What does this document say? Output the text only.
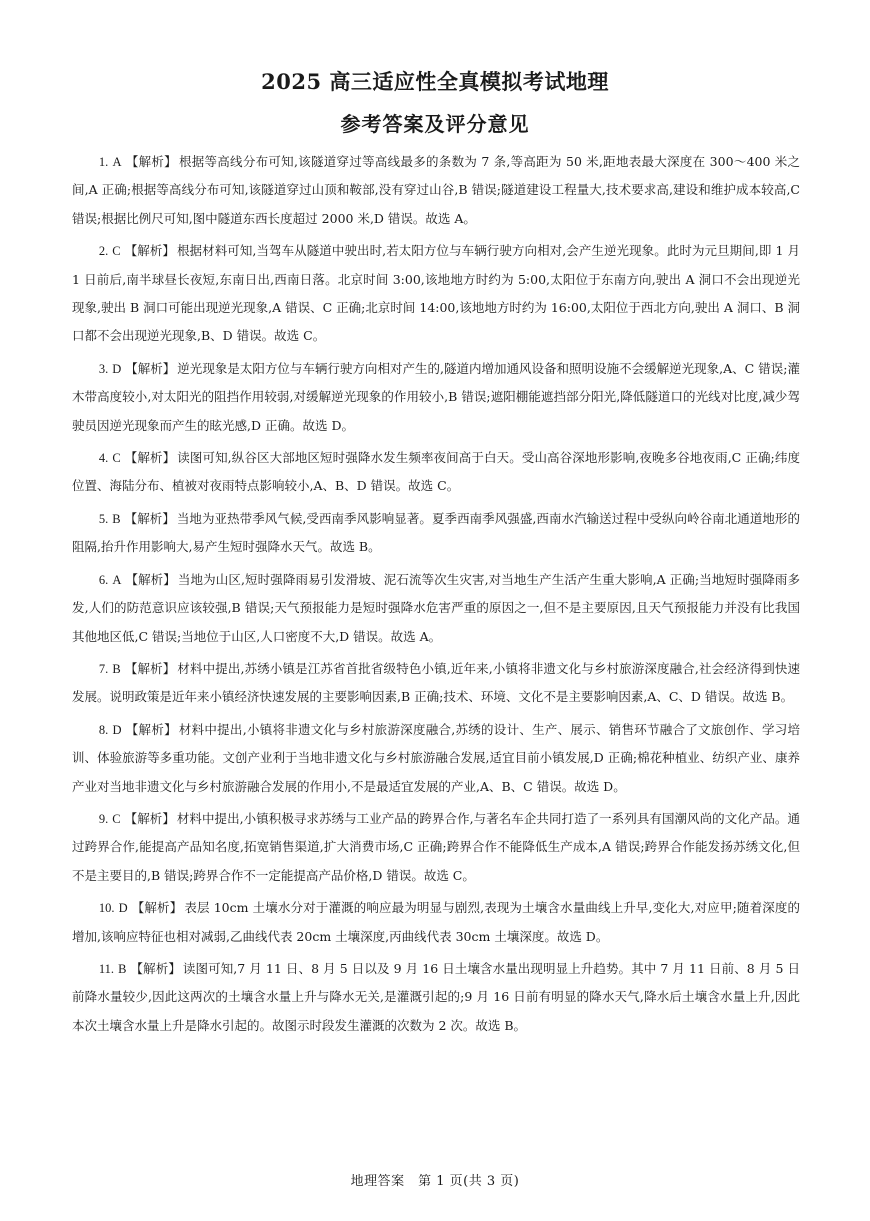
2025 高三适应性全真模拟考试地理
参考答案及评分意见

1. A 【解析】 根据等高线分布可知,该隧道穿过等高线最多的条数为 7 条,等高距为 50 米,距地表最大深度在 300～400 米之间,A 正确;根据等高线分布可知,该隧道穿过山顶和鞍部,没有穿过山谷,B 错误;隧道建设工程量大,技术要求高,建设和维护成本较高,C 错误;根据比例尺可知,图中隧道东西长度超过 2000 米,D 错误。故选 A。

2. C 【解析】 根据材料可知,当驾车从隧道中驶出时,若太阳方位与车辆行驶方向相对,会产生逆光现象。此时为元旦期间,即 1 月 1 日前后,南半球昼长夜短,东南日出,西南日落。北京时间 3:00,该地地方时约为 5:00,太阳位于东南方向,驶出 A 洞口不会出现逆光现象,驶出 B 洞口可能出现逆光现象,A 错误、C 正确;北京时间 14:00,该地地方时约为 16:00,太阳位于西北方向,驶出 A 洞口、B 洞口都不会出现逆光现象,B、D 错误。故选 C。

3. D 【解析】 逆光现象是太阳方位与车辆行驶方向相对产生的,隧道内增加通风设备和照明设施不会缓解逆光现象,A、C 错误;灌木带高度较小,对太阳光的阻挡作用较弱,对缓解逆光现象的作用较小,B 错误;遮阳棚能遮挡部分阳光,降低隧道口的光线对比度,减少驾驶员因逆光现象而产生的眩光感,D 正确。故选 D。

4. C 【解析】 读图可知,纵谷区大部地区短时强降水发生频率夜间高于白天。受山高谷深地形影响,夜晚多谷地夜雨,C 正确;纬度位置、海陆分布、植被对夜雨特点影响较小,A、B、D 错误。故选 C。

5. B 【解析】 当地为亚热带季风气候,受西南季风影响显著。夏季西南季风强盛,西南水汽输送过程中受纵向岭谷南北通道地形的阻隔,抬升作用影响大,易产生短时强降水天气。故选 B。

6. A 【解析】 当地为山区,短时强降雨易引发滑坡、泥石流等次生灾害,对当地生产生活产生重大影响,A 正确;当地短时强降雨多发,人们的防范意识应该较强,B 错误;天气预报能力是短时强降水危害严重的原因之一,但不是主要原因,且天气预报能力并没有比我国其他地区低,C 错误;当地位于山区,人口密度不大,D 错误。故选 A。

7. B 【解析】 材料中提出,苏绣小镇是江苏省首批省级特色小镇,近年来,小镇将非遗文化与乡村旅游深度融合,社会经济得到快速发展。说明政策是近年来小镇经济快速发展的主要影响因素,B 正确;技术、环境、文化不是主要影响因素,A、C、D 错误。故选 B。

8. D 【解析】 材料中提出,小镇将非遗文化与乡村旅游深度融合,苏绣的设计、生产、展示、销售环节融合了文旅创作、学习培训、体验旅游等多重功能。文创产业利于当地非遗文化与乡村旅游融合发展,适宜目前小镇发展,D 正确;棉花种植业、纺织产业、康养产业对当地非遗文化与乡村旅游融合发展的作用小,不是最适宜发展的产业,A、B、C 错误。故选 D。

9. C 【解析】 材料中提出,小镇积极寻求苏绣与工业产品的跨界合作,与著名车企共同打造了一系列具有国潮风尚的文化产品。通过跨界合作,能提高产品知名度,拓宽销售渠道,扩大消费市场,C 正确;跨界合作不能降低生产成本,A 错误;跨界合作能发扬苏绣文化,但不是主要目的,B 错误;跨界合作不一定能提高产品价格,D 错误。故选 C。

10. D 【解析】 表层 10cm 土壤水分对于灌溉的响应最为明显与剧烈,表现为土壤含水量曲线上升早,变化大,对应甲;随着深度的增加,该响应特征也相对减弱,乙曲线代表 20cm 土壤深度,丙曲线代表 30cm 土壤深度。故选 D。

11. B 【解析】 读图可知,7 月 11 日、8 月 5 日以及 9 月 16 日土壤含水量出现明显上升趋势。其中 7 月 11 日前、8 月 5 日前降水量较少,因此这两次的土壤含水量上升与降水无关,是灌溉引起的;9 月 16 日前有明显的降水天气,降水后土壤含水量上升,因此本次土壤含水量上升是降水引起的。故图示时段发生灌溉的次数为 2 次。故选 B。

地理答案　第 1 页(共 3 页)
